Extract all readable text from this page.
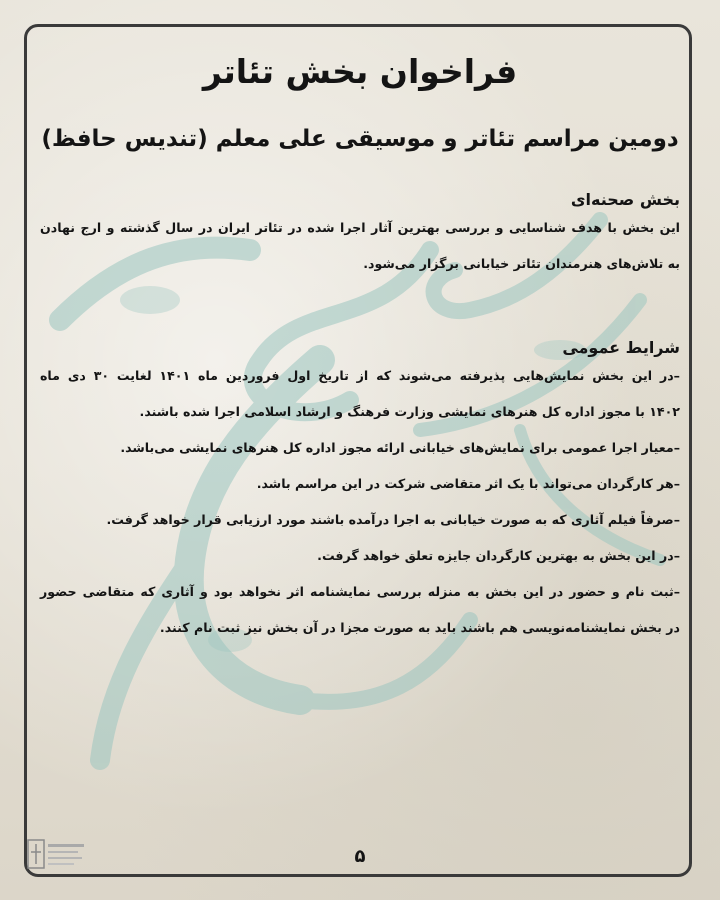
فراخوان بخش تئاتر
دومین مراسم تئاتر و موسیقی علی معلم (تندیس حافظ)
بخش صحنه‌ای

این بخش با هدف شناسایی و بررسی بهترین آثار اجرا شده در تئاتر ایران در سال گذشته و ارج نهادن

به تلاش‌های هنرمندان تئاتر خیابانی برگزار می‌شود.

شرایط عمومی

–در این بخش نمایش‌هایی پذیرفته می‌شوند که از تاریخ اول فروردین ماه ۱۴۰۱ لغایت ۳۰ دی ماه

۱۴۰۲ با مجوز اداره کل هنرهای نمایشی وزارت فرهنگ و ارشاد اسلامی اجرا شده باشند.

–معیار اجرا عمومی برای نمایش‌های خیابانی ارائه مجوز اداره کل هنرهای نمایشی می‌باشد.

–هر کارگردان می‌تواند با یک اثر متقاضی شرکت در این مراسم باشد.

–صرفاً فیلم آثاری که به صورت خیابانی به اجرا درآمده باشند مورد ارزیابی قرار خواهد گرفت.

–در این بخش به بهترین کارگردان جایزه تعلق خواهد گرفت.

–ثبت نام و حضور در این بخش به منزله بررسی نمایشنامه اثر نخواهد بود و آثاری که متقاضی حضور

در بخش نمایشنامه‌نویسی هم باشند باید به صورت مجزا در آن بخش نیز ثبت نام کنند.

۵
